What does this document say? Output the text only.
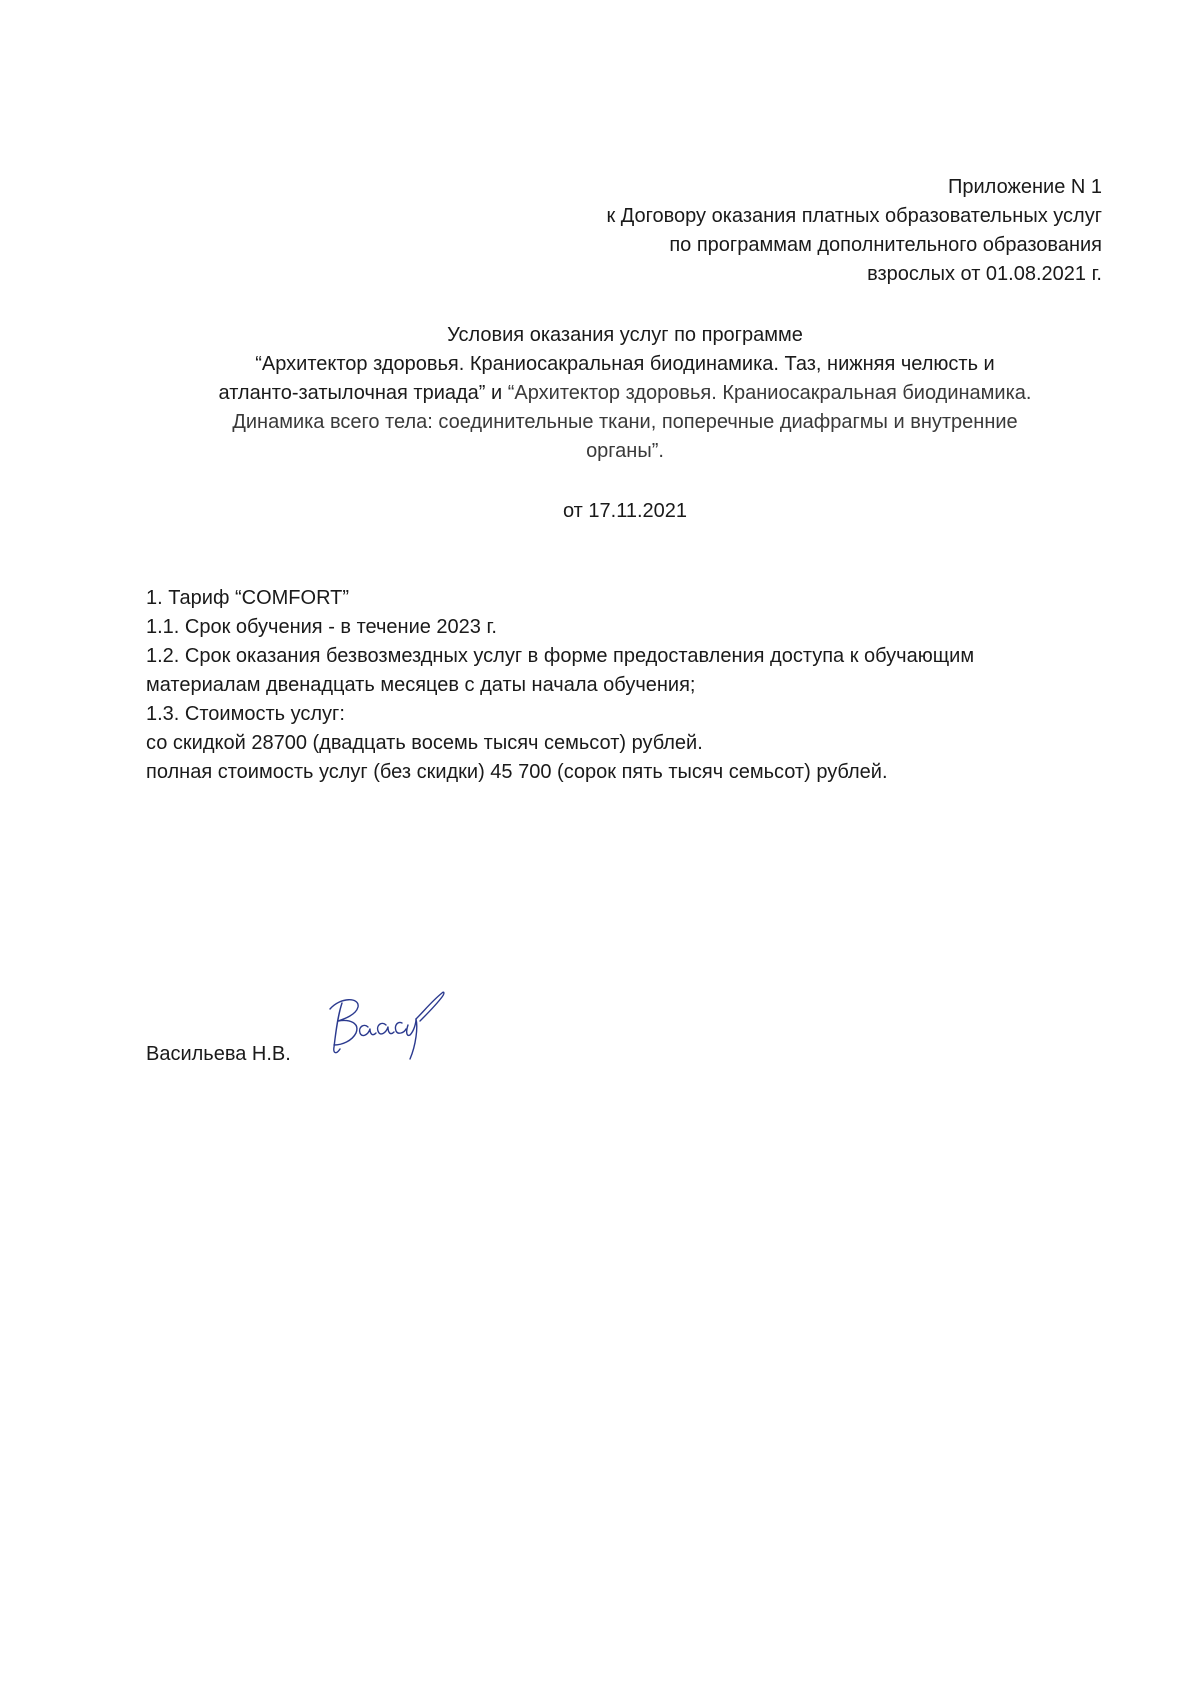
Приложение N 1
к Договору оказания платных образовательных услуг
по программам дополнительного образования
взрослых от 01.08.2021 г.
Условия оказания услуг по программе
“Архитектор здоровья. Краниосакральная биодинамика. Таз, нижняя челюсть и
атланто-затылочная триада” и “Архитектор здоровья. Краниосакральная биодинамика.
Динамика всего тела: соединительные ткани, поперечные диафрагмы и внутренние
органы”.
от 17.11.2021
1. Тариф “COMFORT”
1.1. Срок обучения - в течение 2023 г.
1.2. Срок оказания безвозмездных услуг в форме предоставления доступа к обучающим
материалам двенадцать месяцев с даты начала обучения;
1.3. Стоимость услуг:
со скидкой 28700 (двадцать восемь тысяч семьсот) рублей.
полная стоимость услуг (без скидки) 45 700 (сорок пять тысяч семьсот) рублей.
Васильева Н.В.
